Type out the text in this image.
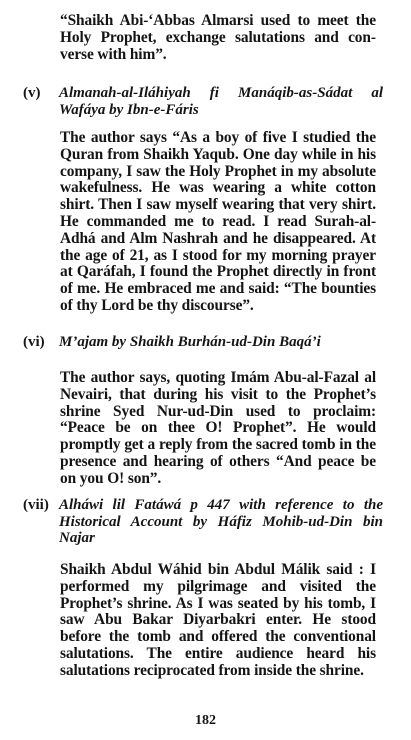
“Shaikh Abi-‘Abbas Almarsi used to meet the Holy Prophet, exchange salutations and converse with him”.
(v)	Almanah-al-Iláhiyah fi Manáqib-as-Sádat al Wafáya by Ibn-e-Fáris
The author says “As a boy of five I studied the Quran from Shaikh Yaqub. One day while in his company, I saw the Holy Prophet in my absolute wakefulness. He was wearing a white cotton shirt. Then I saw myself wearing that very shirt. He commanded me to read. I read Surah-al-Adhá and Alm Nashrah and he disappeared. At the age of 21, as I stood for my morning prayer at Qaráfah, I found the Prophet directly in front of me. He embraced me and said: “The bounties of thy Lord be thy discourse”.
(vi) M’ajam by Shaikh Burhán-ud-Din Baqá’i
The author says, quoting Imám Abu-al-Fazal al Nevairi, that during his visit to the Prophet’s shrine Syed Nur-ud-Din used to proclaim: “Peace be on thee O! Prophet”. He would promptly get a reply from the sacred tomb in the presence and hearing of others “And peace be on you O! son”.
(vii) Alháwi lil Fatáwá p 447 with reference to the Historical Account by Háfiz Mohib-ud-Din bin Najar
Shaikh Abdul Wáhid bin Abdul Málik said : I performed my pilgrimage and visited the Prophet’s shrine. As I was seated by his tomb, I saw Abu Bakar Diyarbakri enter. He stood before the tomb and offered the conventional salutations. The entire audience heard his salutations reciprocated from inside the shrine.
182
